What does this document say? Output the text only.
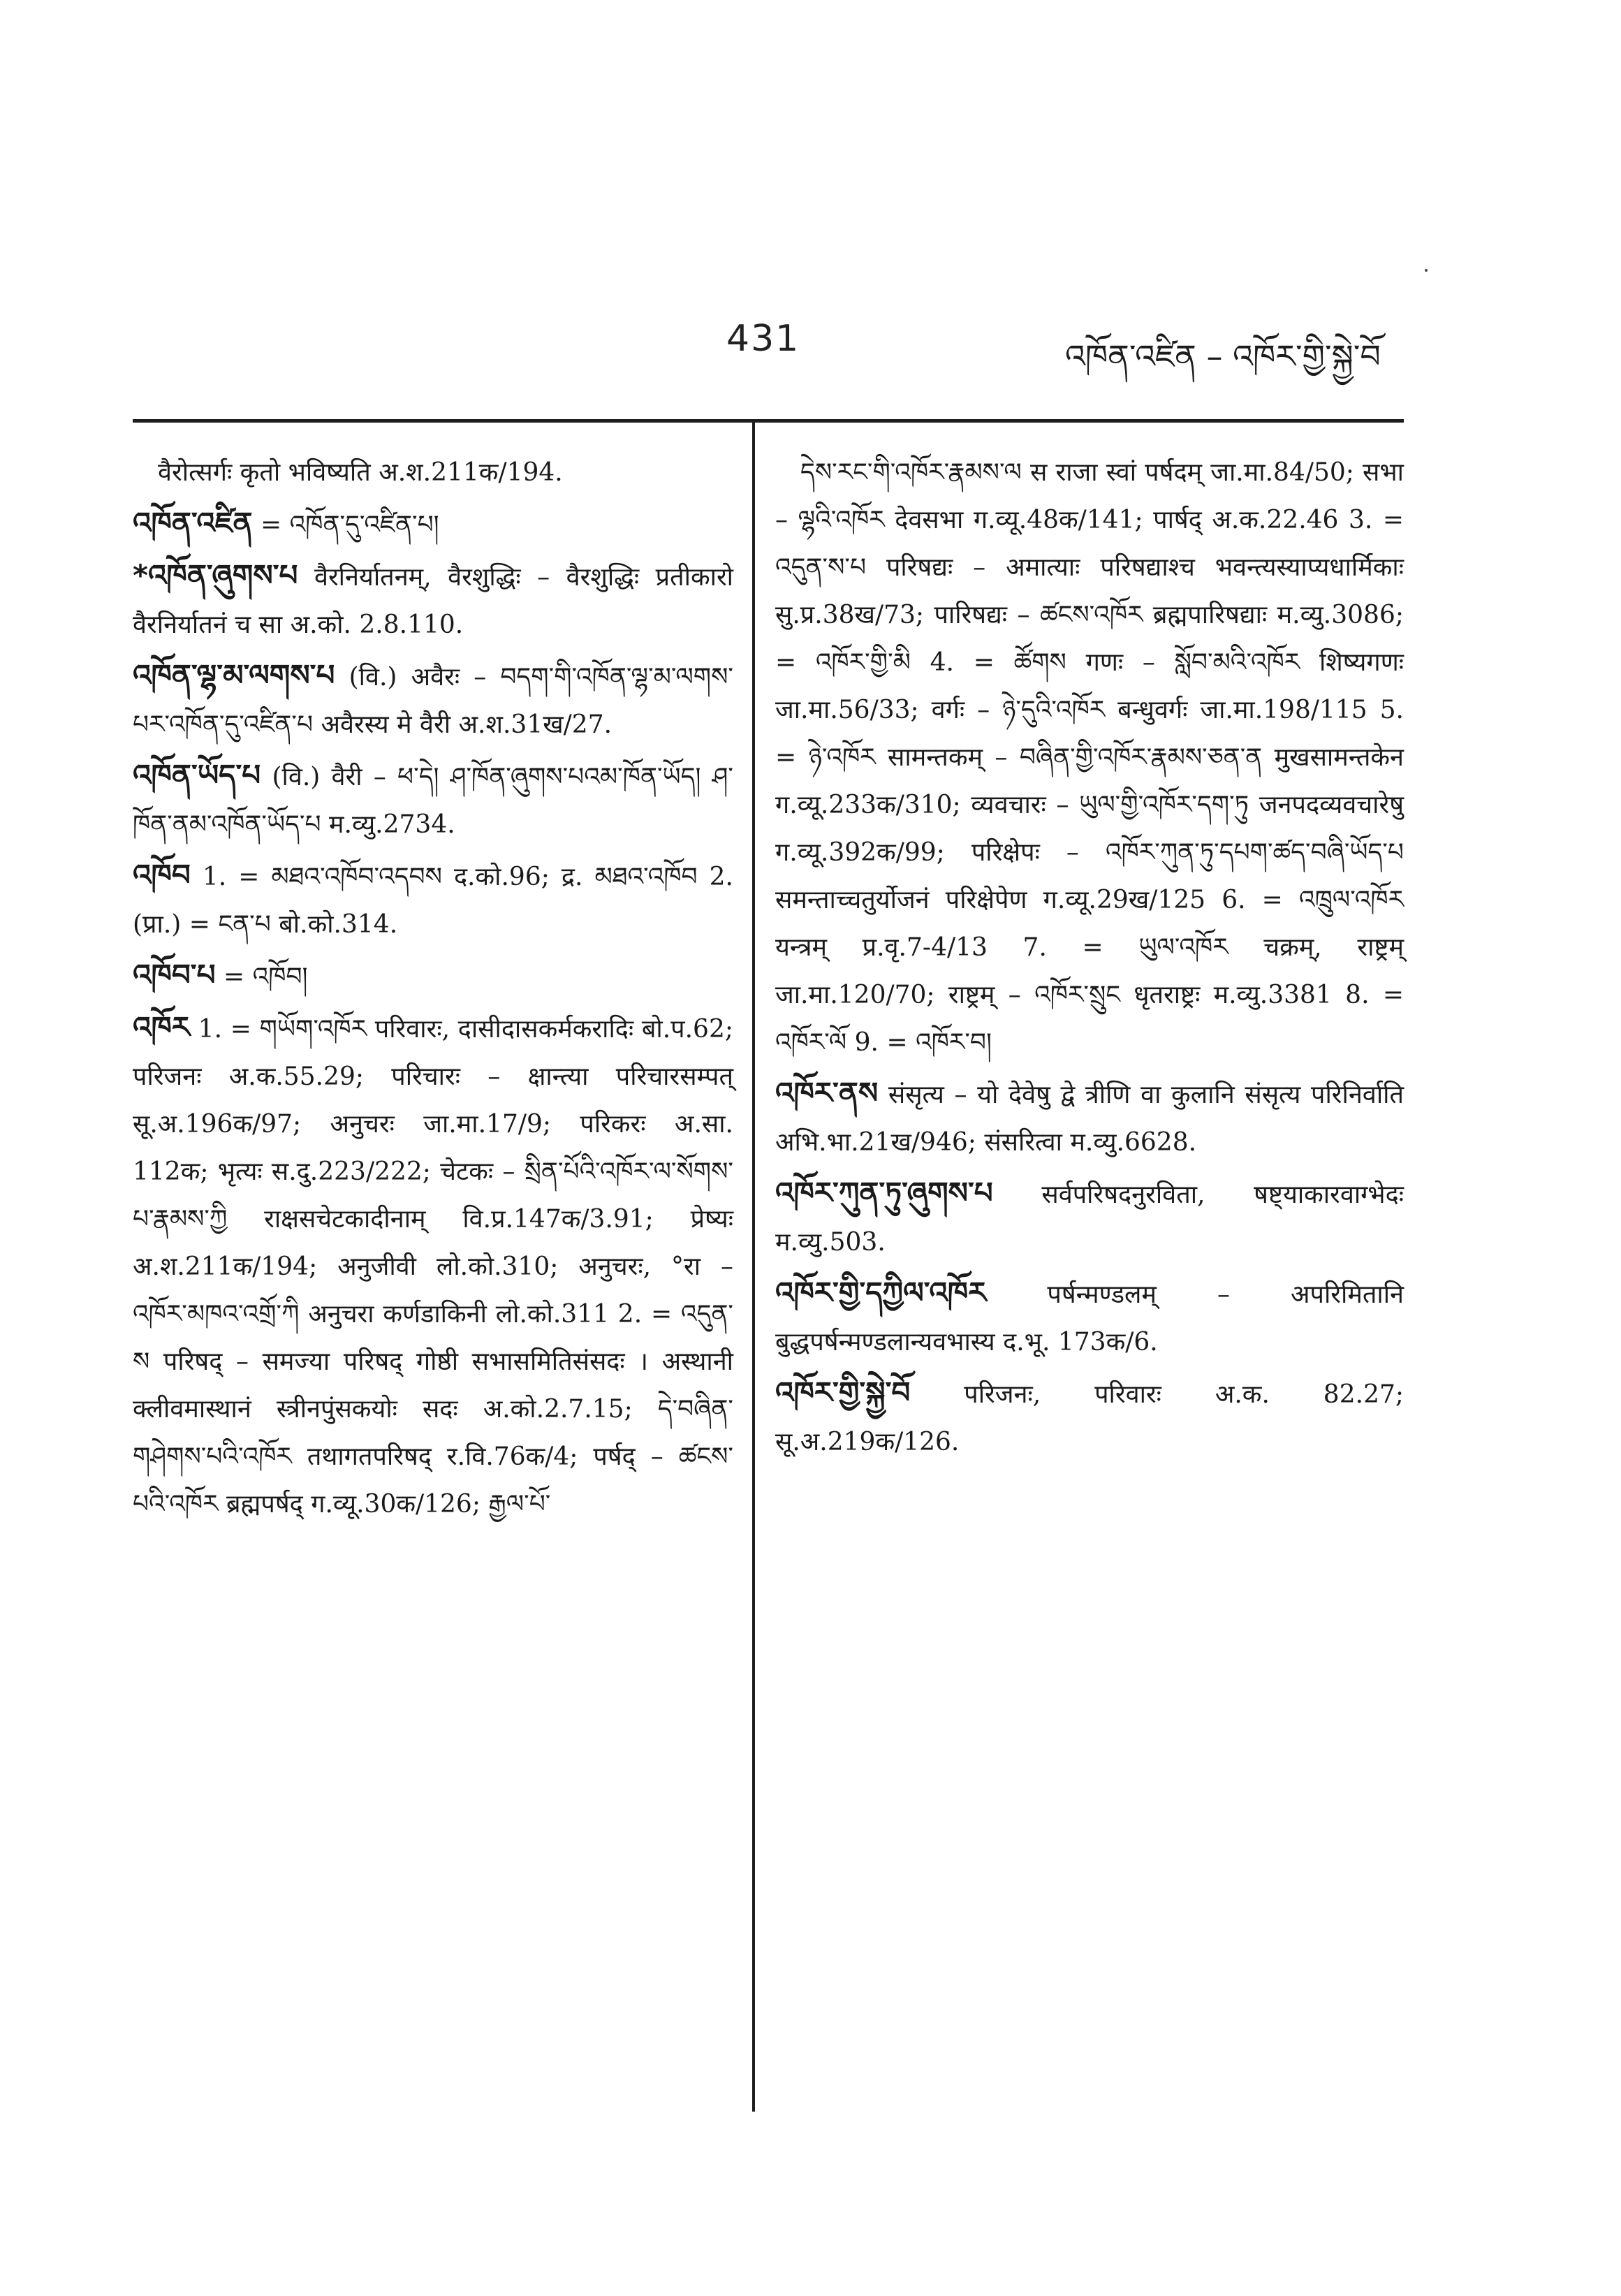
431	འཁོན་འཛིན – འཁོར་གྱི་སྐྱེ་བོ
वैरोत्सर्गः कृतो भविष्यति अ.श.211क/194.
འཁོན་འཛིན = འཁོན་དུ་འཛིན་པ།
*འཁོན་ཞུགས་པ वैरनिर्यातनम्, वैरशुद्धिः – वैरशुद्धिः प्रतीकारो वैरनिर्यातनं च सा अ.को. 2.8.110.
འཁོན་ལྷ་མ་ལགས་པ (वि.) अवैरः – བདག་གི་འཁོན་ལྷ་མ་ལགས་པར་འཁོན་དུ་འཛིན་པ अवैरस्य मे वैरी अ.श.31ख/27.
འཁོན་ཡོད་པ (वि.) वैरी – ཕ་དེ། ཤ་ཁོན་ཞུགས་པའམ་ཁོན་ཡོད། ཤ་ཁོན་ནམ་འཁོན་ཡོད་པ म.व्यु.2734.
འཁོབ 1. = མཐའ་འཁོབ་འདབས द.को.96; द्र. མཐའ་འཁོབ 2. (प्रा.) = ངན་པ बो.को.314.
འཁོབ་པ = འཁོབ།
འཁོར 1. = གཡོག་འཁོར परिवारः, दासीदासकर्मकरादिः बो.प.62; परिजनः अ.क.55.29; परिचारः – क्षान्त्या परिचारसम्पत् सू.अ.196क/97; अनुचरः जा.मा.17/9; परिकरः अ.सा. 112क; भृत्यः स.दु.223/222; चेटकः – སྲིན་པོའི་འཁོར་ལ་སོགས་པ་རྣམས་ཀྱི राक्षसचेटकादीनाम् वि.प्र.147क/3.91; प्रेष्यः अ.श.211क/194; अनुजीवी लो.को.310; अनुचरः, °रा – འཁོར་མཁའ་འགྲོ་ཀི अनुचरा कर्णडाकिनी लो.को.311 2. = འདུན་ས परिषद् – समज्या परिषद् गोष्ठी सभासमितिसंसदः । अस्थानी क्लीवमास्थानं स्त्रीनपुंसकयोः सदः अ.को.2.7.15; དེ་བཞིན་གཤེགས་པའི་འཁོར तथागतपरिषद् र.वि.76क/4; पर्षद् – ཚངས་པའི་འཁོར ब्रह्मपर्षद् ग.व्यू.30क/126; རྒྱལ་པོ་
དེས་རང་གི་འཁོར་རྣམས་ལ स राजा स्वां पर्षदम् जा.मा.84/50; सभा – ལྷའི་འཁོར देवसभा ग.व्यू.48क/141; पार्षद् अ.क.22.46 3. = འདུན་ས་པ परिषद्यः – अमात्याः परिषद्याश्च भवन्त्यस्याप्यधार्मिकाः सु.प्र.38ख/73; पारिषद्यः – ཚངས་འཁོར ब्रह्मपारिषद्याः म.व्यु.3086; = འཁོར་གྱི་མི 4. = ཚོགས गणः – སློབ་མའི་འཁོར शिष्यगणः जा.मा.56/33; वर्गः – ཉེ་དུའི་འཁོར बन्धुवर्गः जा.मा.198/115 5. = ཉེ་འཁོར सामन्तकम् – བཞིན་གྱི་འཁོར་རྣམས་ཅན་ན मुखसामन्तकेन ग.व्यू.233क/310; व्यवचारः – ཡུལ་གྱི་འཁོར་དག་ཏུ जनपदव्यवचारेषु ग.व्यू.392क/99; परिक्षेपः – འཁོར་ཀུན་ཏུ་དཔག་ཚད་བཞི་ཡོད་པ समन्ताच्चतुर्योजनं परिक्षेपेण ग.व्यू.29ख/125 6. = འཁྲུལ་འཁོར यन्त्रम् प्र.वृ.7-4/13 7. = ཡུལ་འཁོར चक्रम्, राष्ट्रम् जा.मा.120/70; राष्ट्रम् – འཁོར་སྲུང धृतराष्ट्रः म.व्यु.3381 8. = འཁོར་ལོ 9. = འཁོར་བ།
འཁོར་ནས संसृत्य – यो देवेषु द्वे त्रीणि वा कुलानि संसृत्य परिनिर्वाति अभि.भा.21ख/946; संसरित्वा म.व्यु.6628.
འཁོར་ཀུན་ཏུ་ཞུགས་པ सर्वपरिषदनुरविता, षष्ट्याकारवाग्भेदः म.व्यु.503.
འཁོར་གྱི་དཀྱིལ་འཁོར पर्षन्मण्डलम् – अपरिमितानि बुद्धपर्षन्मण्डलान्यवभास्य द.भू. 173क/6.
འཁོར་གྱི་སྐྱེ་བོ परिजनः, परिवारः अ.क. 82.27; सू.अ.219क/126.
